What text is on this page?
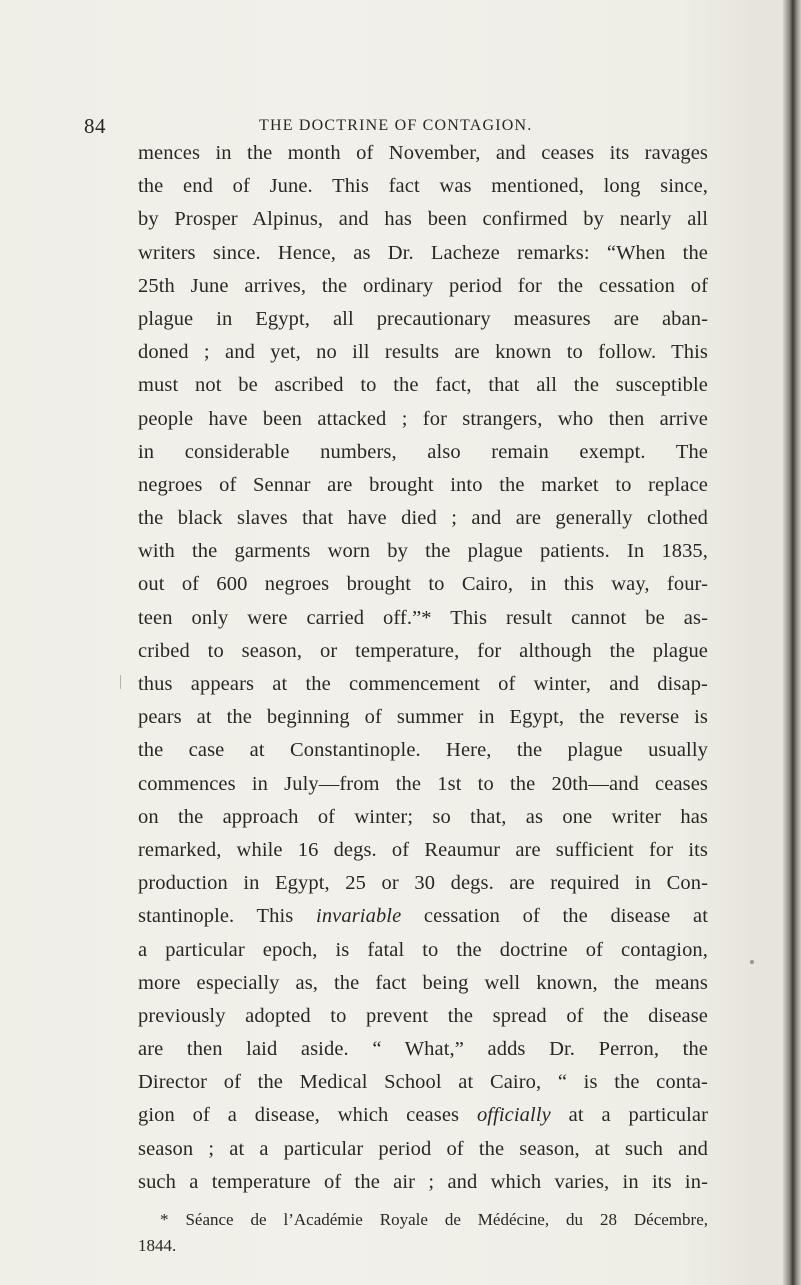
84	THE DOCTRINE OF CONTAGION.
mences in the month of November, and ceases its ravages
the end of June. This fact was mentioned, long since,
by Prosper Alpinus, and has been confirmed by nearly all
writers since. Hence, as Dr. Lacheze remarks: “When the
25th June arrives, the ordinary period for the cessation of
plague in Egypt, all precautionary measures are aban-
doned ; and yet, no ill results are known to follow. This
must not be ascribed to the fact, that all the susceptible
people have been attacked ; for strangers, who then arrive
in considerable numbers, also remain exempt. The
negroes of Sennar are brought into the market to replace
the black slaves that have died ; and are generally clothed
with the garments worn by the plague patients. In 1835,
out of 600 negroes brought to Cairo, in this way, four-
teen only were carried off.”* This result cannot be as-
cribed to season, or temperature, for although the plague
thus appears at the commencement of winter, and disap-
pears at the beginning of summer in Egypt, the reverse is
the case at Constantinople. Here, the plague usually
commences in July—from the 1st to the 20th—and ceases
on the approach of winter; so that, as one writer has
remarked, while 16 degs. of Reaumur are sufficient for its
production in Egypt, 25 or 30 degs. are required in Con-
stantinople. This invariable cessation of the disease at
a particular epoch, is fatal to the doctrine of contagion,
more especially as, the fact being well known, the means
previously adopted to prevent the spread of the disease
are then laid aside. “ What,” adds Dr. Perron, the
Director of the Medical School at Cairo, “ is the conta-
gion of a disease, which ceases officially at a particular
season ; at a particular period of the season, at such and
such a temperature of the air ; and which varies, in its in-
* Séance de l’Académie Royale de Médécine, du 28 Décembre,
1844.
